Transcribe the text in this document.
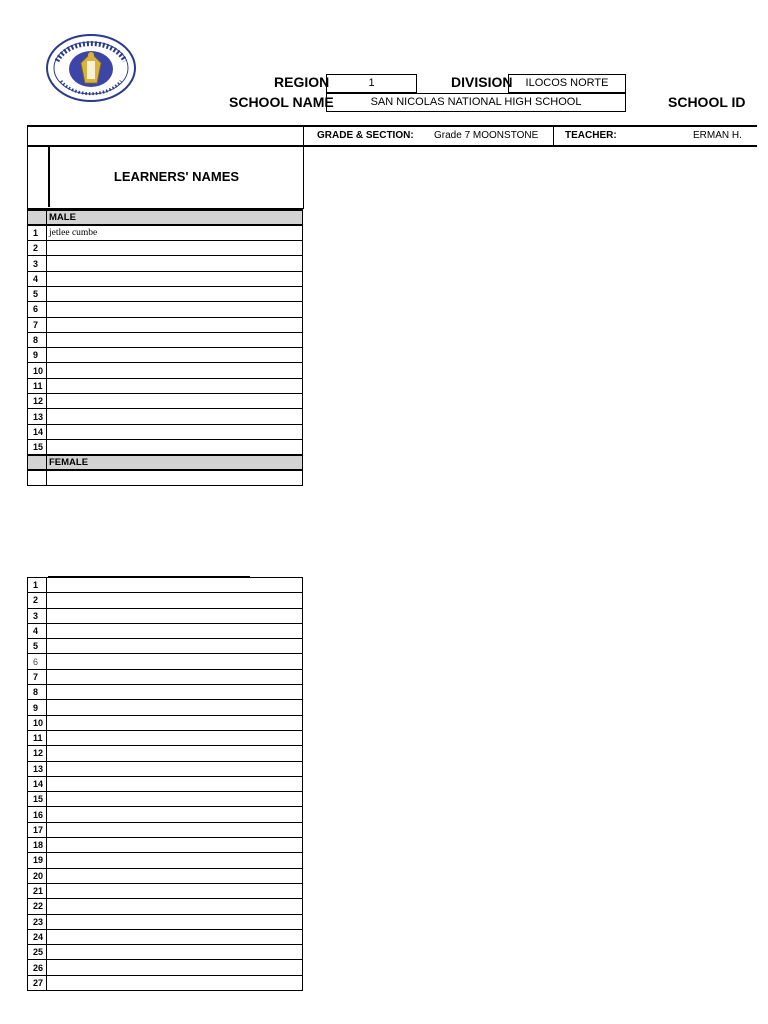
REGION	1	DIVISION	ILOCOS NORTE
SCHOOL NAME	SAN NICOLAS NATIONAL HIGH SCHOOL	SCHOOL ID
GRADE & SECTION: Grade 7 MOONSTONE	TEACHER:	ERMAN H.
LEARNERS' NAMES
	MALE
1	jetlee cumbe
2	
3	
4	
5	
6	
7	
8	
9	
10	
11	
12	
13	
14	
15	
	FEMALE

1	
2	
3	
4	
5	
6	
7	
8	
9	
10	
11	
12	
13	
14	
15	
16	
17	
18	
19	
20	
21	
22	
23	
24	
25	
26	
27	
